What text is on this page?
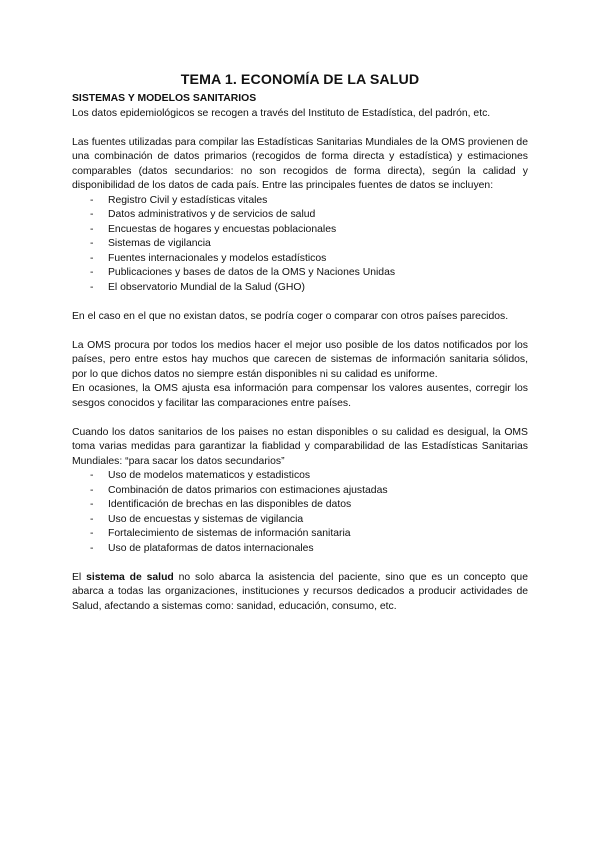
TEMA 1. ECONOMÍA DE LA SALUD
SISTEMAS Y MODELOS SANITARIOS

Los datos epidemiológicos se recogen a través del Instituto de Estadística, del padrón, etc.

Las fuentes utilizadas para compilar las Estadísticas Sanitarias Mundiales de la OMS provienen de una combinación de datos primarios (recogidos de forma directa y estadística) y estimaciones comparables (datos secundarios: no son recogidos de forma directa), según la calidad y disponibilidad de los datos de cada país. Entre las principales fuentes de datos se incluyen:

- Registro Civil y estadísticas vitales
- Datos administrativos y de servicios de salud
- Encuestas de hogares y encuestas poblacionales
- Sistemas de vigilancia
- Fuentes internacionales y modelos estadísticos
- Publicaciones y bases de datos de la OMS y Naciones Unidas
- El observatorio Mundial de la Salud (GHO)

En el caso en el que no existan datos, se podría coger o comparar con otros países parecidos.

La OMS procura por todos los medios hacer el mejor uso posible de los datos notificados por los países, pero entre estos hay muchos que carecen de sistemas de información sanitaria sólidos, por lo que dichos datos no siempre están disponibles ni su calidad es uniforme.

En ocasiones, la OMS ajusta esa información para compensar los valores ausentes, corregir los sesgos conocidos y facilitar las comparaciones entre países.

Cuando los datos sanitarios de los paises no estan disponibles o su calidad es desigual, la OMS toma varias medidas para garantizar la fiablidad y comparabilidad de las Estadísticas Sanitarias Mundiales: “para sacar los datos secundarios”

- Uso de modelos matematicos y estadisticos
- Combinación de datos primarios con estimaciones ajustadas
- Identificación de brechas en las disponibles de datos
- Uso de encuestas y sistemas de vigilancia
- Fortalecimiento de sistemas de información sanitaria
- Uso de plataformas de datos internacionales

El sistema de salud no solo abarca la asistencia del paciente, sino que es un concepto que abarca a todas las organizaciones, instituciones y recursos dedicados a producir actividades de Salud, afectando a sistemas como: sanidad, educación, consumo, etc.
